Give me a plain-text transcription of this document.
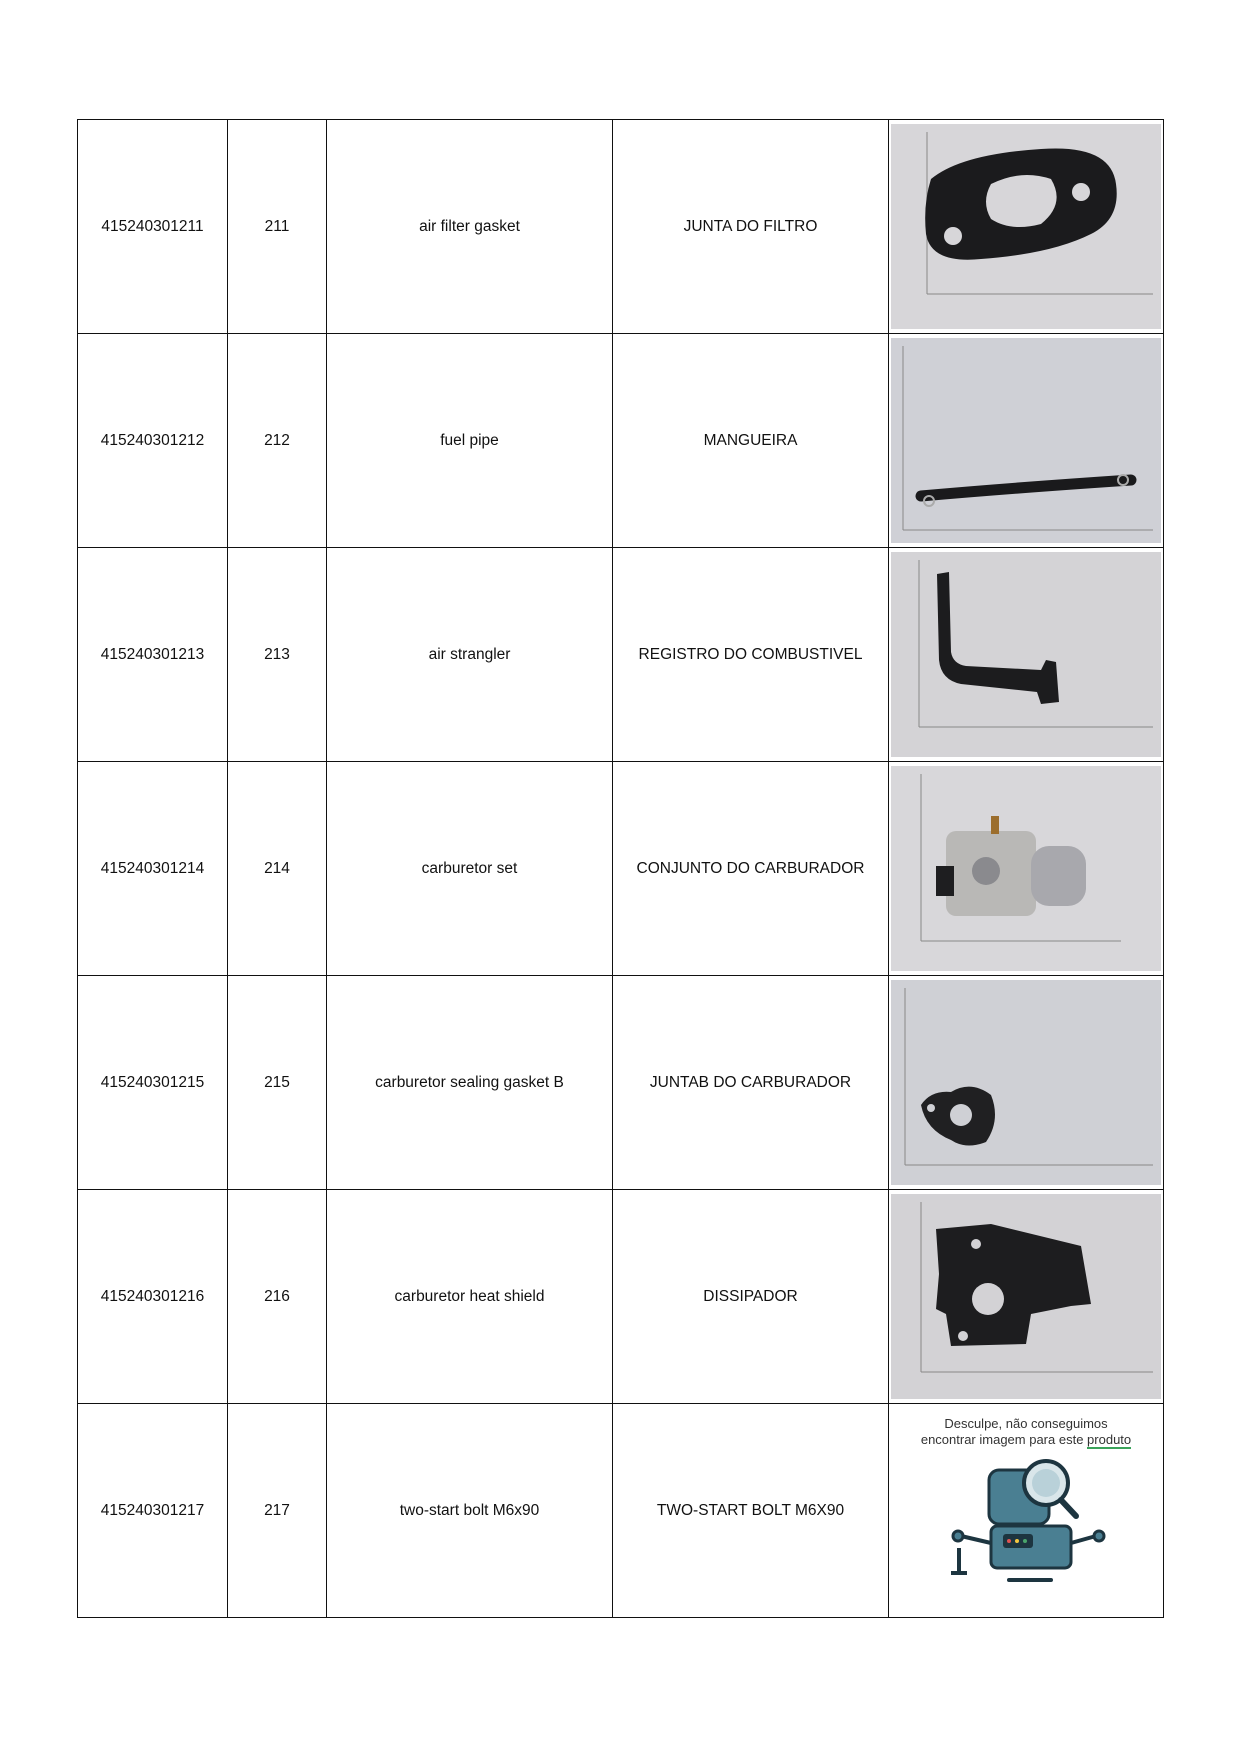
415240301211	211	air filter gasket	JUNTA DO FILTRO	

415240301212	212	fuel pipe	MANGUEIRA	

415240301213	213	air strangler	REGISTRO DO COMBUSTIVEL	

415240301214	214	carburetor set	CONJUNTO DO CARBURADOR	

415240301215	215	carburetor sealing gasket B	JUNTAB DO CARBURADOR	

415240301216	216	carburetor heat shield	DISSIPADOR	

415240301217	217	two-start bolt M6x90	TWO-START BOLT M6X90	Desculpe, não conseguimos
encontrar imagem para este produto
